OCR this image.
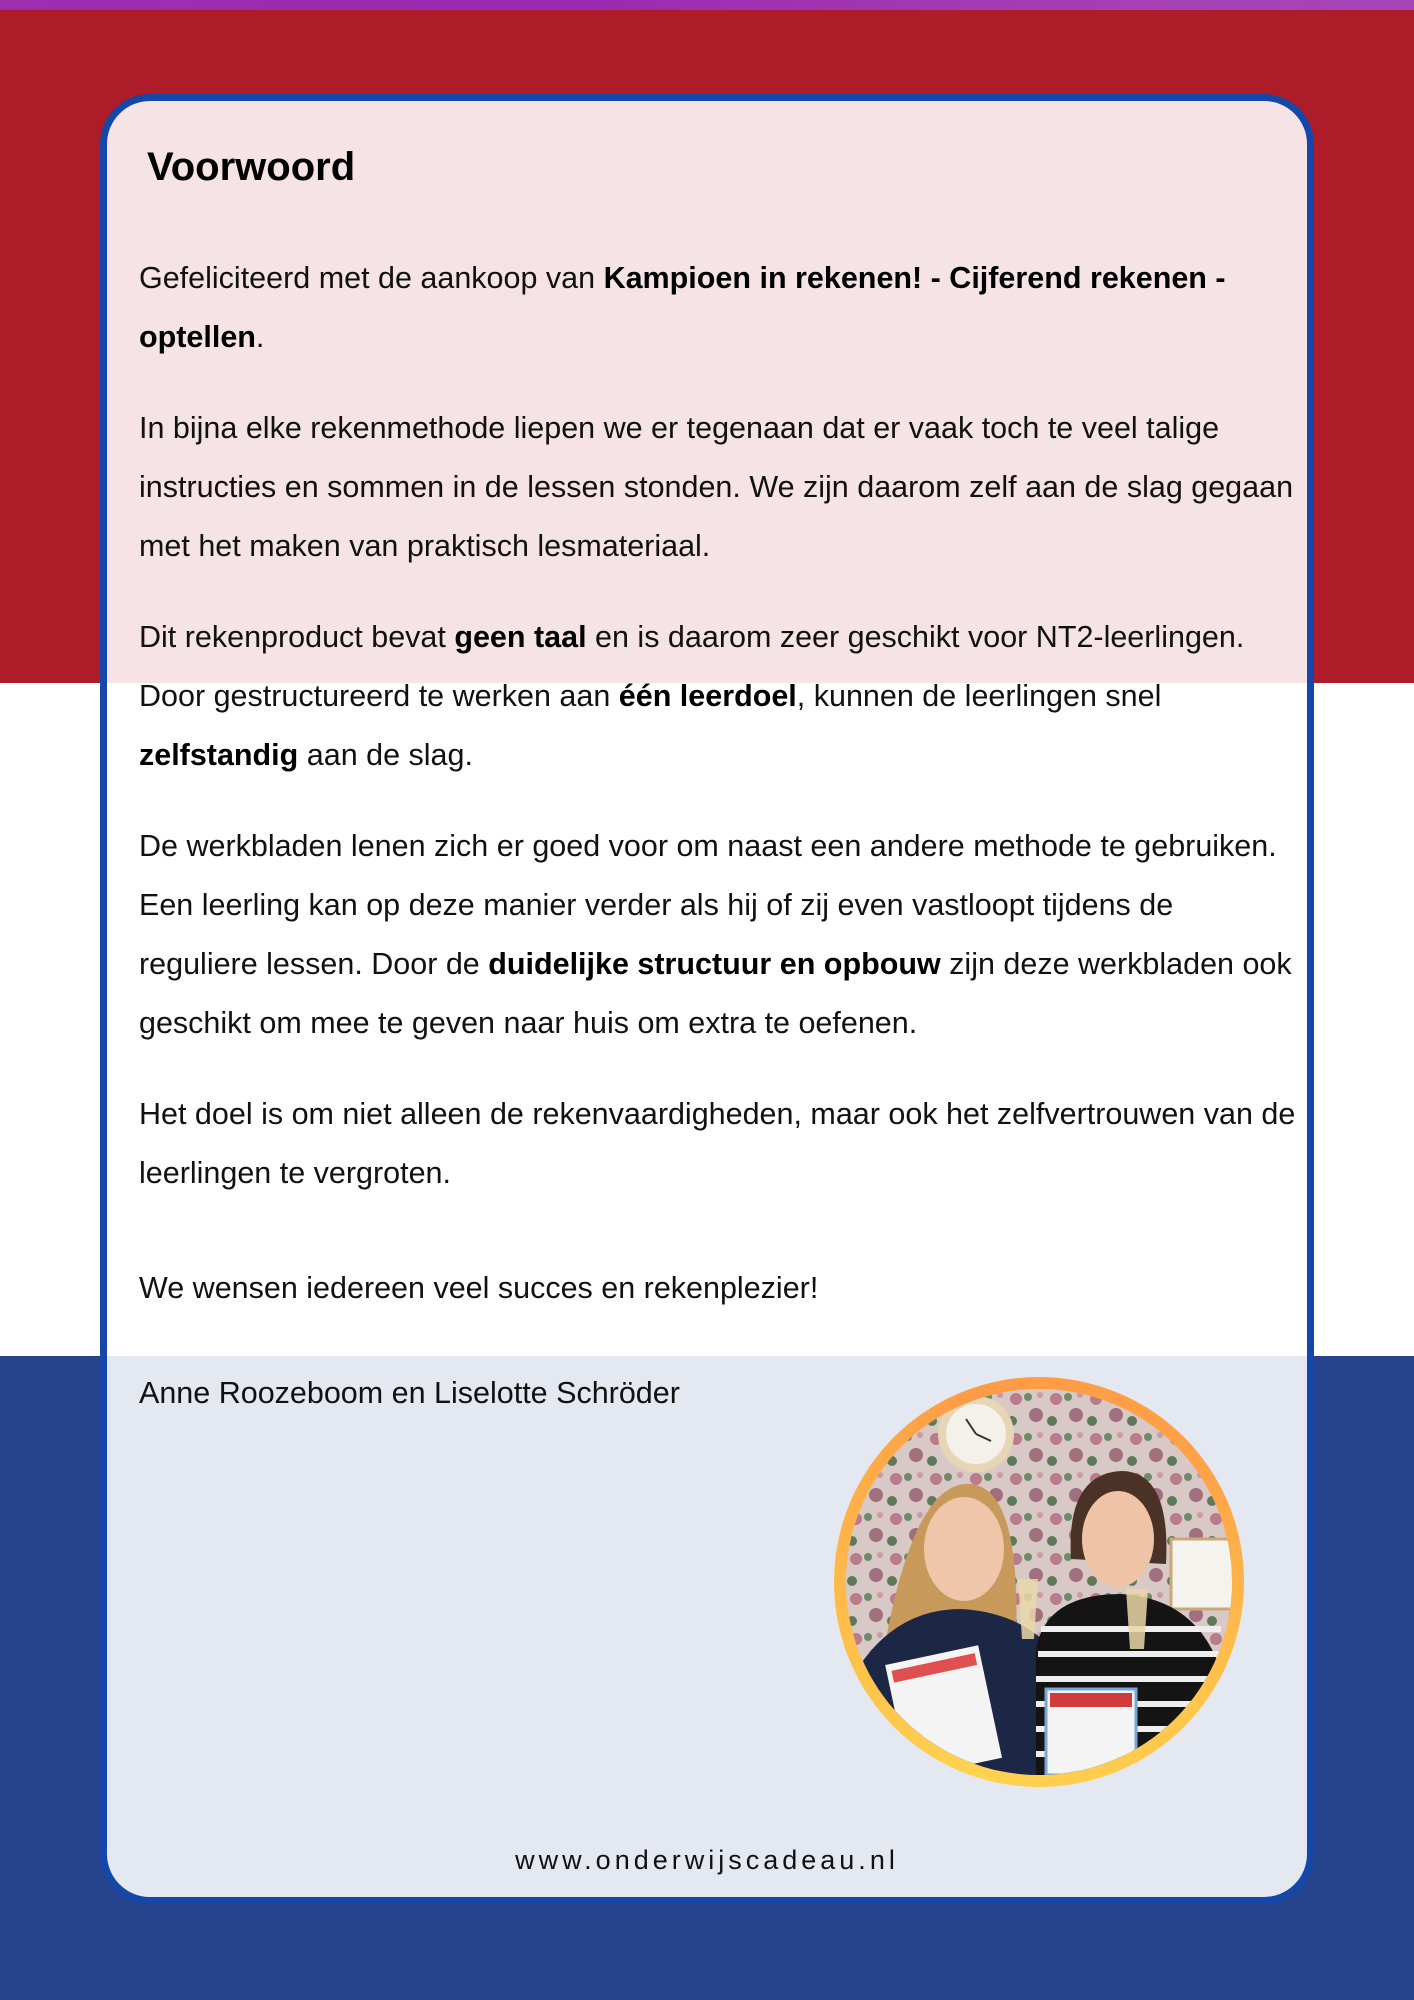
Voorwoord

Gefeliciteerd met de aankoop van Kampioen in rekenen! - Cijferend rekenen - optellen.

In bijna elke rekenmethode liepen we er tegenaan dat er vaak toch te veel talige instructies en sommen in de lessen stonden. We zijn daarom zelf aan de slag gegaan met het maken van praktisch lesmateriaal.

Dit rekenproduct bevat geen taal en is daarom zeer geschikt voor NT2-leerlingen. Door gestructureerd te werken aan één leerdoel, kunnen de leerlingen snel zelfstandig aan de slag.

De werkbladen lenen zich er goed voor om naast een andere methode te gebruiken. Een leerling kan op deze manier verder als hij of zij even vastloopt tijdens de reguliere lessen. Door de duidelijke structuur en opbouw zijn deze werkbladen ook geschikt om mee te geven naar huis om extra te oefenen.

Het doel is om niet alleen de rekenvaardigheden, maar ook het zelfvertrouwen van de leerlingen te vergroten.

We wensen iedereen veel succes en rekenplezier!

Anne Roozeboom en Liselotte Schröder
www.onderwijscadeau.nl
